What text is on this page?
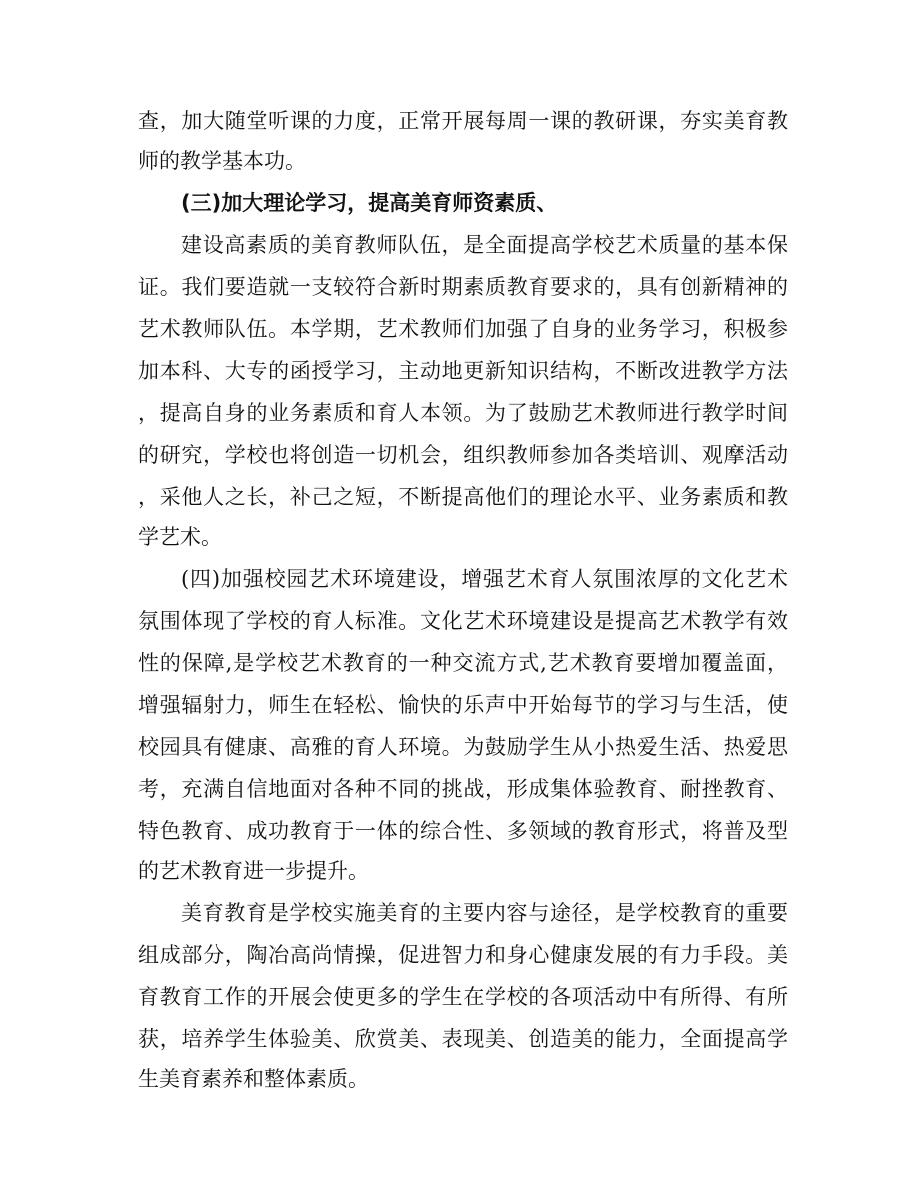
查，加大随堂听课的力度，正常开展每周一课的教研课，夯实美育教
师的教学基本功。
(三)加大理论学习，提高美育师资素质、
建设高素质的美育教师队伍，是全面提高学校艺术质量的基本保
证。我们要造就一支较符合新时期素质教育要求的，具有创新精神的
艺术教师队伍。本学期，艺术教师们加强了自身的业务学习，积极参
加本科、大专的函授学习，主动地更新知识结构，不断改进教学方法
，提高自身的业务素质和育人本领。为了鼓励艺术教师进行教学时间
的研究，学校也将创造一切机会，组织教师参加各类培训、观摩活动
，采他人之长，补己之短，不断提高他们的理论水平、业务素质和教
学艺术。
(四)加强校园艺术环境建设，增强艺术育人氛围浓厚的文化艺术
氛围体现了学校的育人标准。文化艺术环境建设是提高艺术教学有效
性的保障,是学校艺术教育的一种交流方式,艺术教育要增加覆盖面，
增强辐射力，师生在轻松、愉快的乐声中开始每节的学习与生活，使
校园具有健康、高雅的育人环境。为鼓励学生从小热爱生活、热爱思
考，充满自信地面对各种不同的挑战，形成集体验教育、耐挫教育、
特色教育、成功教育于一体的综合性、多领域的教育形式，将普及型
的艺术教育进一步提升。
美育教育是学校实施美育的主要内容与途径，是学校教育的重要
组成部分，陶冶高尚情操，促进智力和身心健康发展的有力手段。美
育教育工作的开展会使更多的学生在学校的各项活动中有所得、有所
获，培养学生体验美、欣赏美、表现美、创造美的能力，全面提高学
生美育素养和整体素质。
